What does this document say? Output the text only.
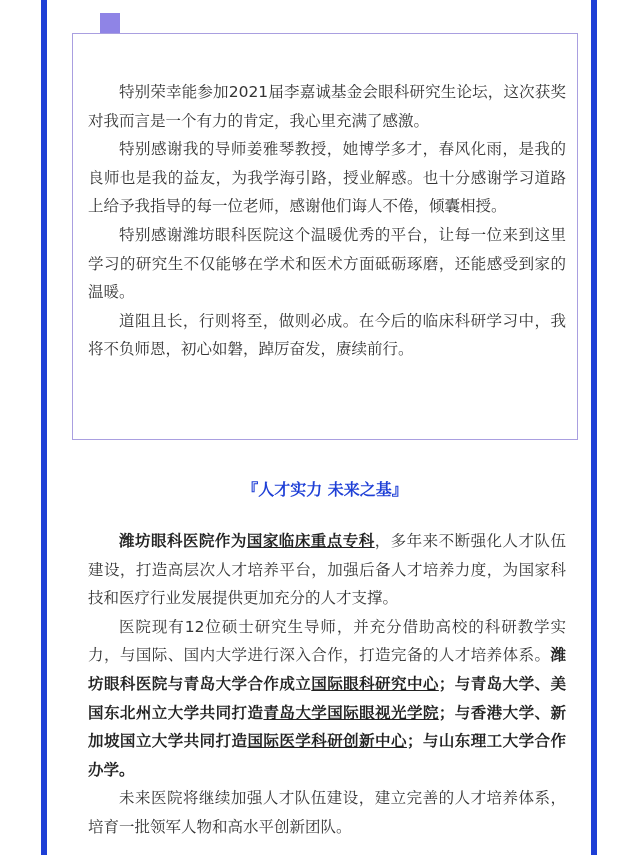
特别荣幸能参加2021届李嘉诚基金会眼科研究生论坛，这次获奖对我而言是一个有力的肯定，我心里充满了感激。

特别感谢我的导师姜雅琴教授，她博学多才，春风化雨，是我的良师也是我的益友，为我学海引路，授业解惑。也十分感谢学习道路上给予我指导的每一位老师，感谢他们诲人不倦，倾囊相授。

特别感谢潍坊眼科医院这个温暖优秀的平台，让每一位来到这里学习的研究生不仅能够在学术和医术方面砥砺琢磨，还能感受到家的温暖。

道阻且长，行则将至，做则必成。在今后的临床科研学习中，我将不负师恩，初心如磐，踔厉奋发，赓续前行。

『人才实力 未来之基』

潍坊眼科医院作为国家临床重点专科，多年来不断强化人才队伍建设，打造高层次人才培养平台，加强后备人才培养力度，为国家科技和医疗行业发展提供更加充分的人才支撑。

医院现有12位硕士研究生导师，并充分借助高校的科研教学实力，与国际、国内大学进行深入合作，打造完备的人才培养体系。潍坊眼科医院与青岛大学合作成立国际眼科研究中心；与青岛大学、美国东北州立大学共同打造青岛大学国际眼视光学院；与香港大学、新加坡国立大学共同打造国际医学科研创新中心；与山东理工大学合作办学。

未来医院将继续加强人才队伍建设，建立完善的人才培养体系，培育一批领军人物和高水平创新团队。
